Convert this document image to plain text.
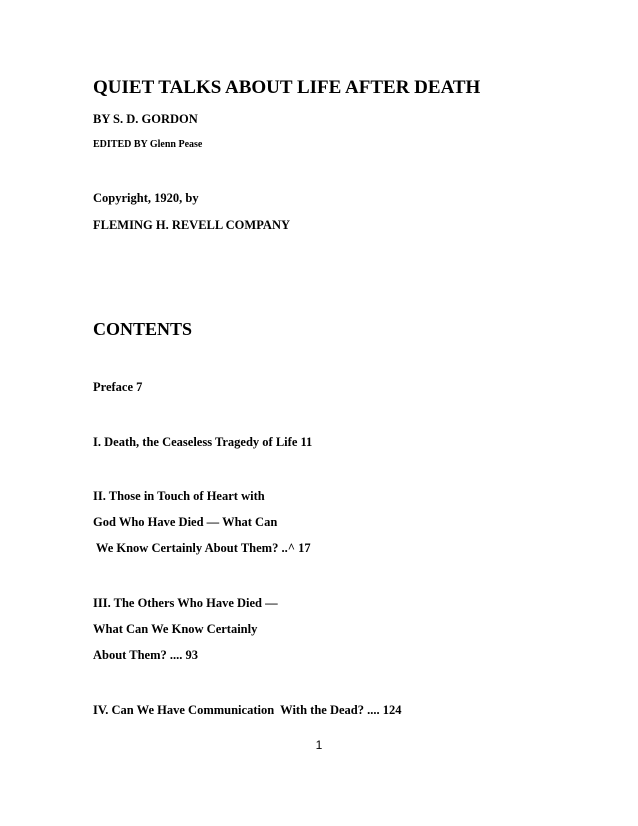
QUIET TALKS ABOUT LIFE AFTER DEATH
BY S. D. GORDON
EDITED BY Glenn Pease
Copyright, 1920, by
FLEMING H. REVELL COMPANY
CONTENTS
Preface 7
I. Death, the Ceaseless Tragedy of Life 11
II. Those in Touch of Heart with
God Who Have Died — What Can
We Know Certainly About Them? ..^ 17
III. The Others Who Have Died —
What Can We Know Certainly
About Them? .... 93
IV. Can We Have Communication  With the Dead? .... 124
1
